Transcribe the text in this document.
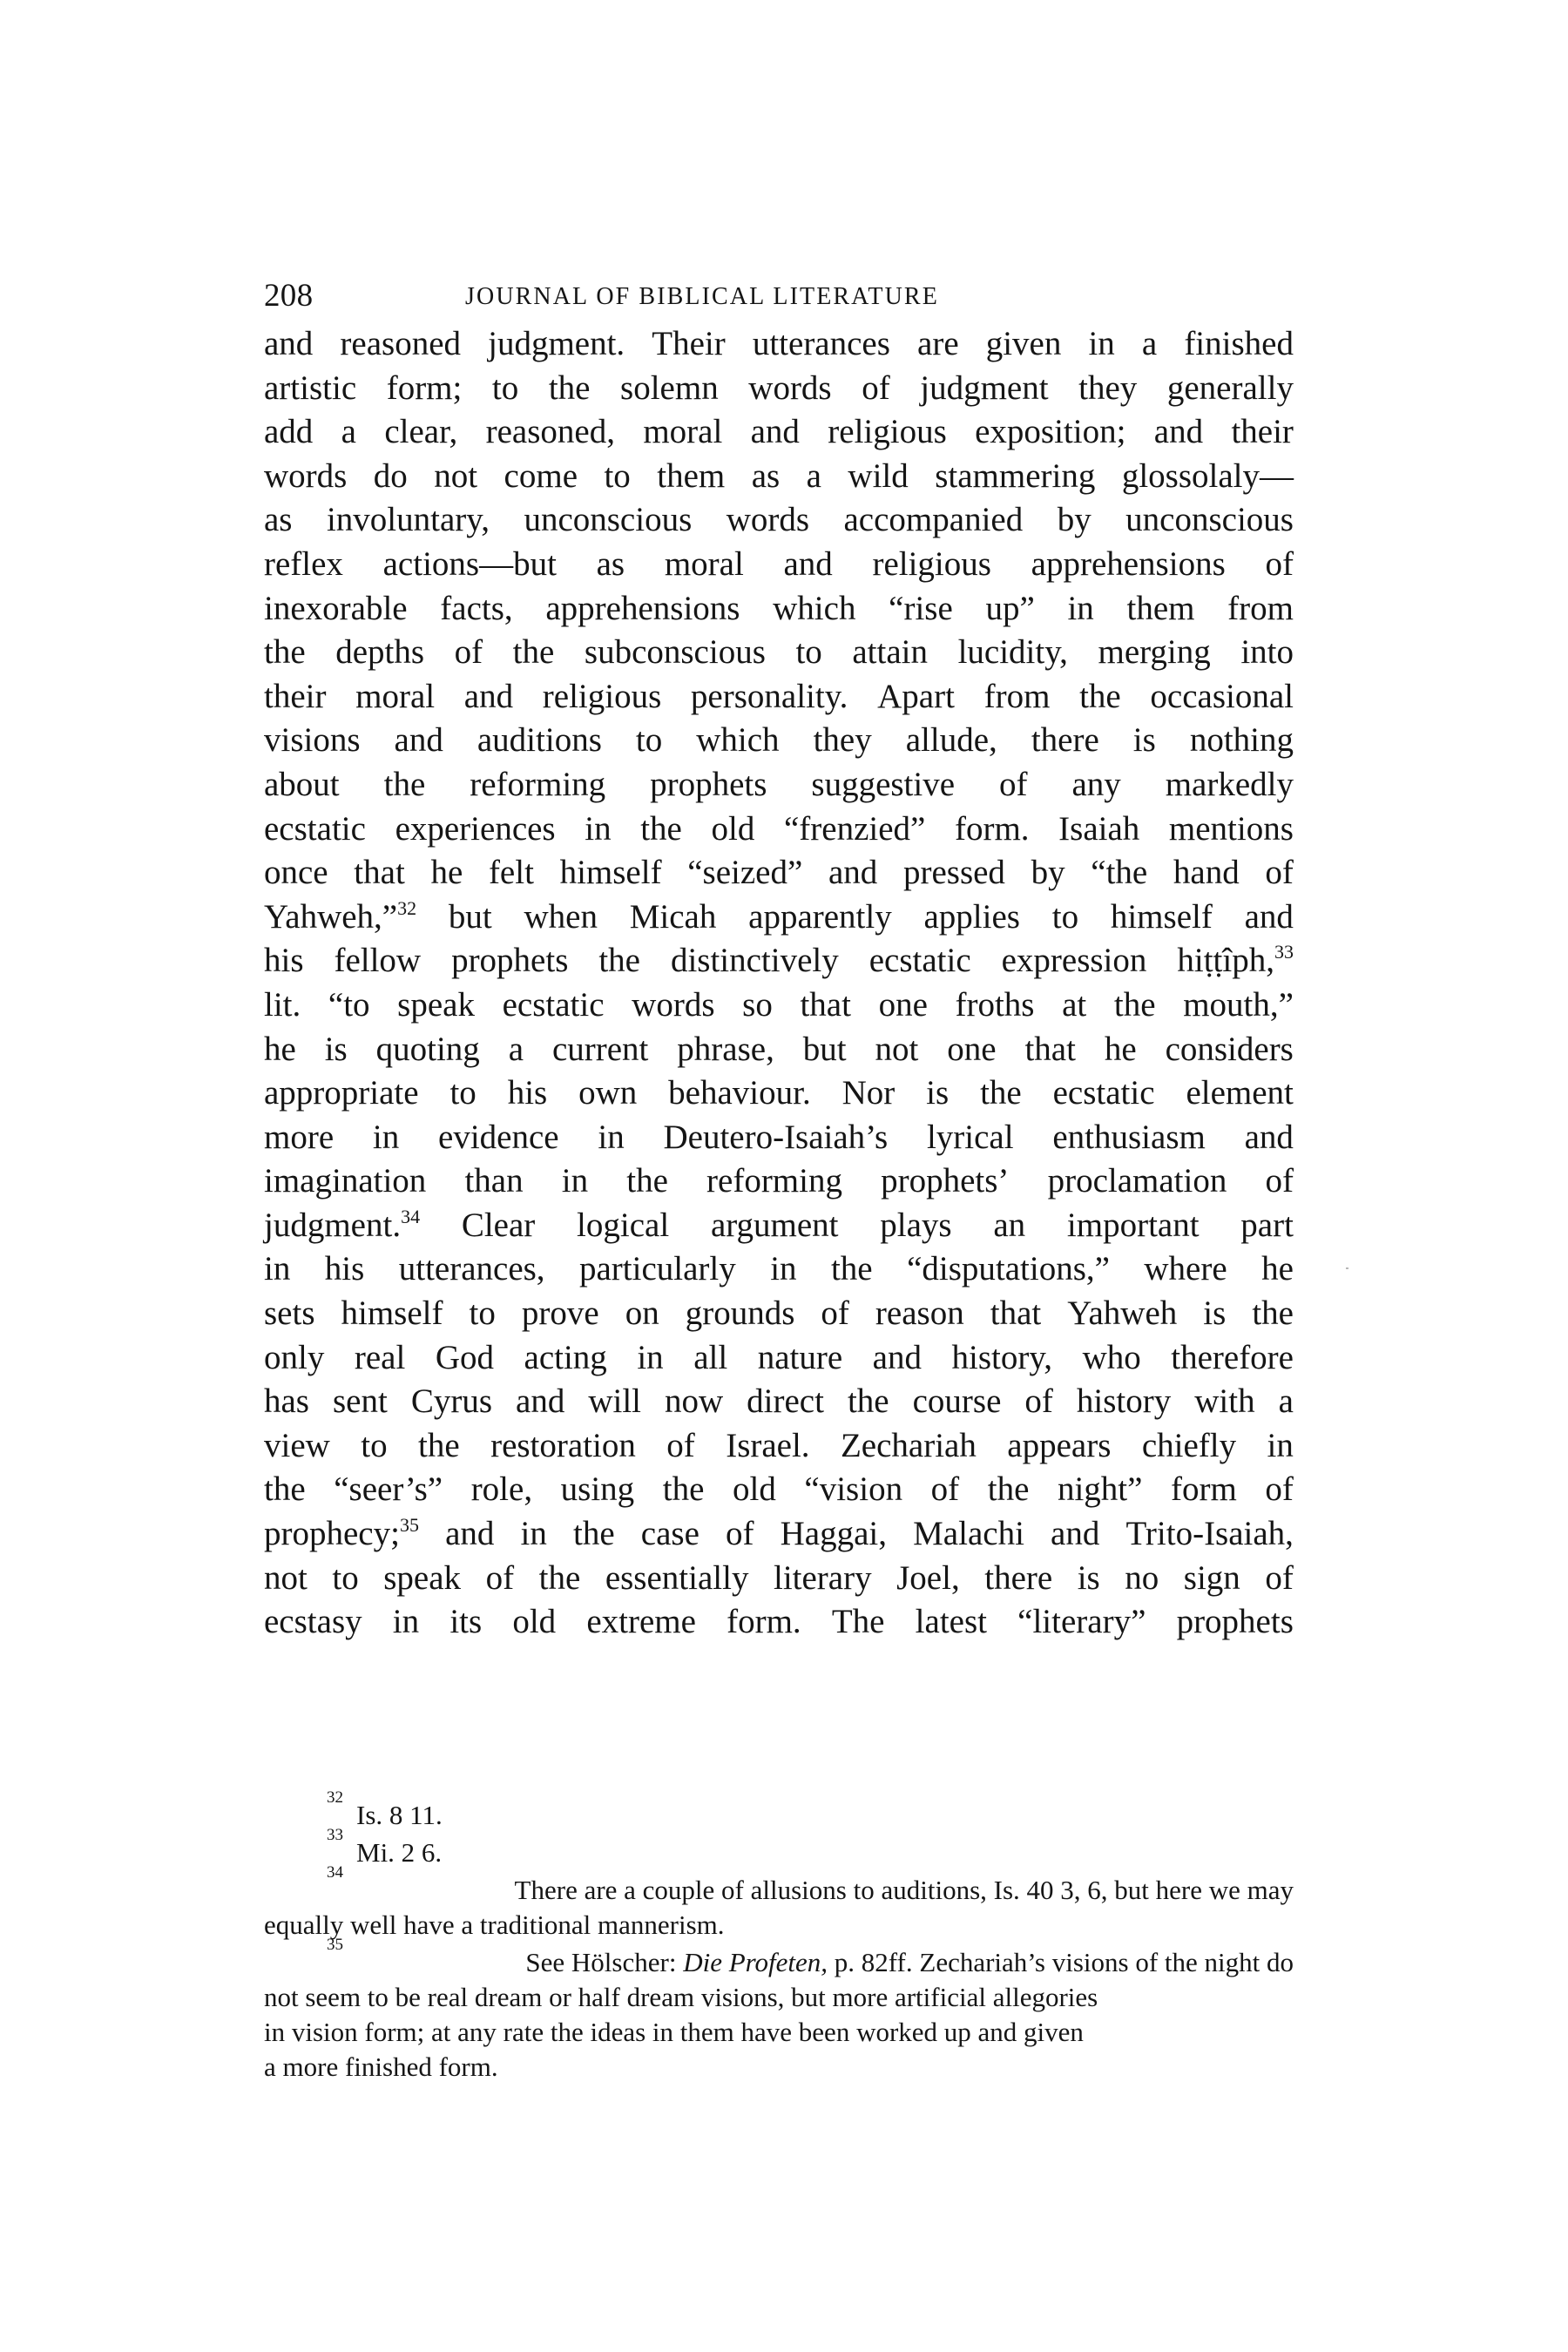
208	JOURNAL OF BIBLICAL LITERATURE
and reasoned judgment. Their utterances are given in a finished
artistic form; to the solemn words of judgment they generally
add a clear, reasoned, moral and religious exposition; and their
words do not come to them as a wild stammering glossolaly—
as involuntary, unconscious words accompanied by unconscious
reflex actions—but as moral and religious apprehensions of
inexorable facts, apprehensions which “rise up” in them from
the depths of the subconscious to attain lucidity, merging into
their moral and religious personality. Apart from the occasional
visions and auditions to which they allude, there is nothing
about the reforming prophets suggestive of any markedly
ecstatic experiences in the old “frenzied” form. Isaiah mentions
once that he felt himself “seized” and pressed by “the hand of
Yahweh,”$^{32}$ but when Micah apparently applies to himself and
his fellow prophets the distinctively ecstatic expression hiṭṭîph,$^{33}$
lit. “to speak ecstatic words so that one froths at the mouth,”
he is quoting a current phrase, but not one that he considers
appropriate to his own behaviour. Nor is the ecstatic element
more in evidence in Deutero-Isaiah’s lyrical enthusiasm and
imagination than in the reforming prophets’ proclamation of
judgment.$^{34}$ Clear logical argument plays an important part
in his utterances, particularly in the “disputations,” where he
sets himself to prove on grounds of reason that Yahweh is the
only real God acting in all nature and history, who therefore
has sent Cyrus and will now direct the course of history with a
view to the restoration of Israel. Zechariah appears chiefly in
the “seer’s” role, using the old “vision of the night” form of
prophecy;$^{35}$ and in the case of Haggai, Malachi and Trito-Isaiah,
not to speak of the essentially literary Joel, there is no sign of
ecstasy in its old extreme form. The latest “literary” prophets
32
Is. 8 11.
33
Mi. 2 6.
34
There are a couple of allusions to auditions, Is. 40 3, 6, but here we may
equally well have a traditional mannerism.
35
See Hölscher: Die Profeten, p. 82ff. Zechariah’s visions of the night do
not seem to be real dream or half dream visions, but more artificial allegories
in vision form; at any rate the ideas in them have been worked up and given
a more finished form.
